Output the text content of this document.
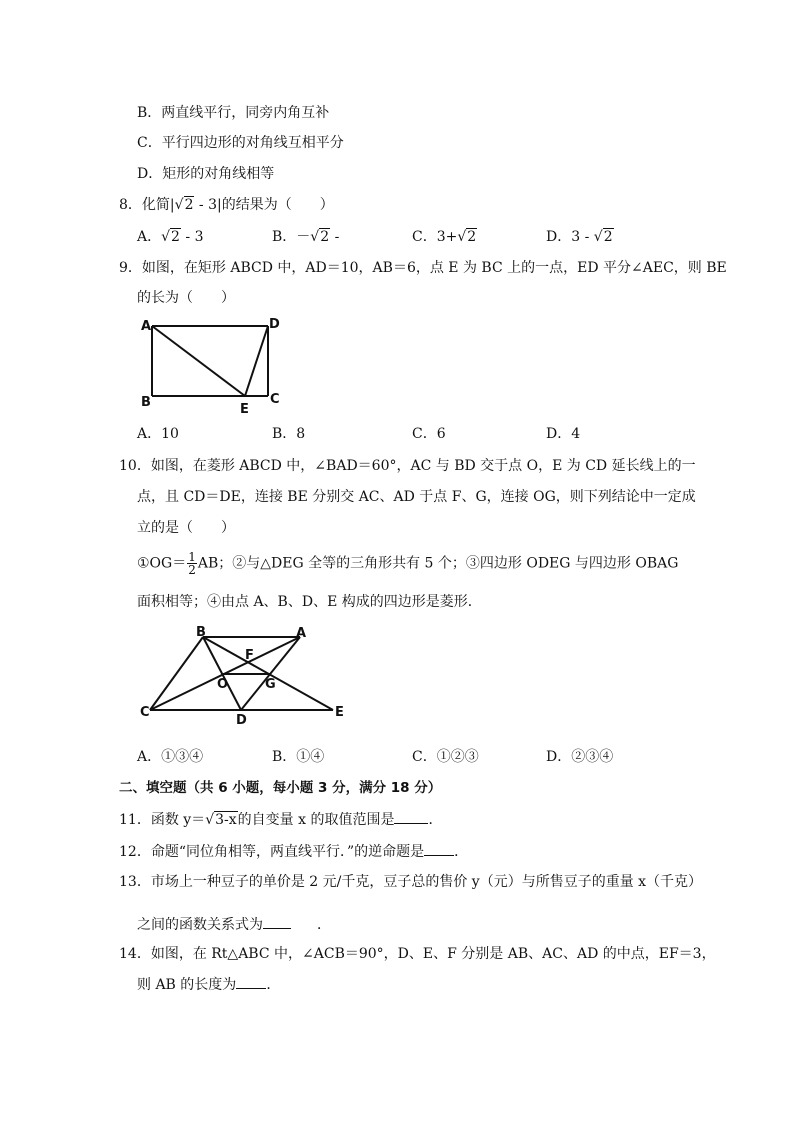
B．两直线平行，同旁内角互补
C．平行四边形的对角线互相平分
D．矩形的对角线相等
8．化简|√2 - 3|的结果为（　　）
A．√2 - 3	B．－√2 -	C．3+√2	D．3 - √2
9．如图，在矩形 ABCD 中，AD＝10，AB＝6，点 E 为 BC 上的一点，ED 平分∠AEC，则 BE
的长为（　　）
A	D
B	E
C
A．10	B．8	C．6	D．4
10．如图，在菱形 ABCD 中，∠BAD＝60°，AC 与 BD 交于点 O，E 为 CD 延长线上的一
点，且 CD＝DE，连接 BE 分别交 AC、AD 于点 F、G，连接 OG，则下列结论中一定成
立的是（　　）
①OG＝ $\frac{1}{2}$ AB；②与△DEG 全等的三角形共有 5 个；③四边形 ODEG 与四边形 OBAG
面积相等；④由点 A、B、D、E 构成的四边形是菱形．
B	A
F
O	G
C
D
E
A．①③④	B．①④	C．①②③	D．②③④
二、填空题（共 6 小题，每小题 3 分，满分 18 分）
11．函数 y＝√3-x的自变量 x 的取值范围是 ．
12．命题“同位角相等，两直线平行．”的逆命题是 ．
13．市场上一种豆子的单价是 2 元/千克，豆子总的售价 y（元）与所售豆子的重量 x（千克）
之间的函数关系式为	．
14．如图，在 Rt△ABC 中，∠ACB＝90°，D、E、F 分别是 AB、AC、AD 的中点，EF＝3，
则 AB 的长度为 ．
